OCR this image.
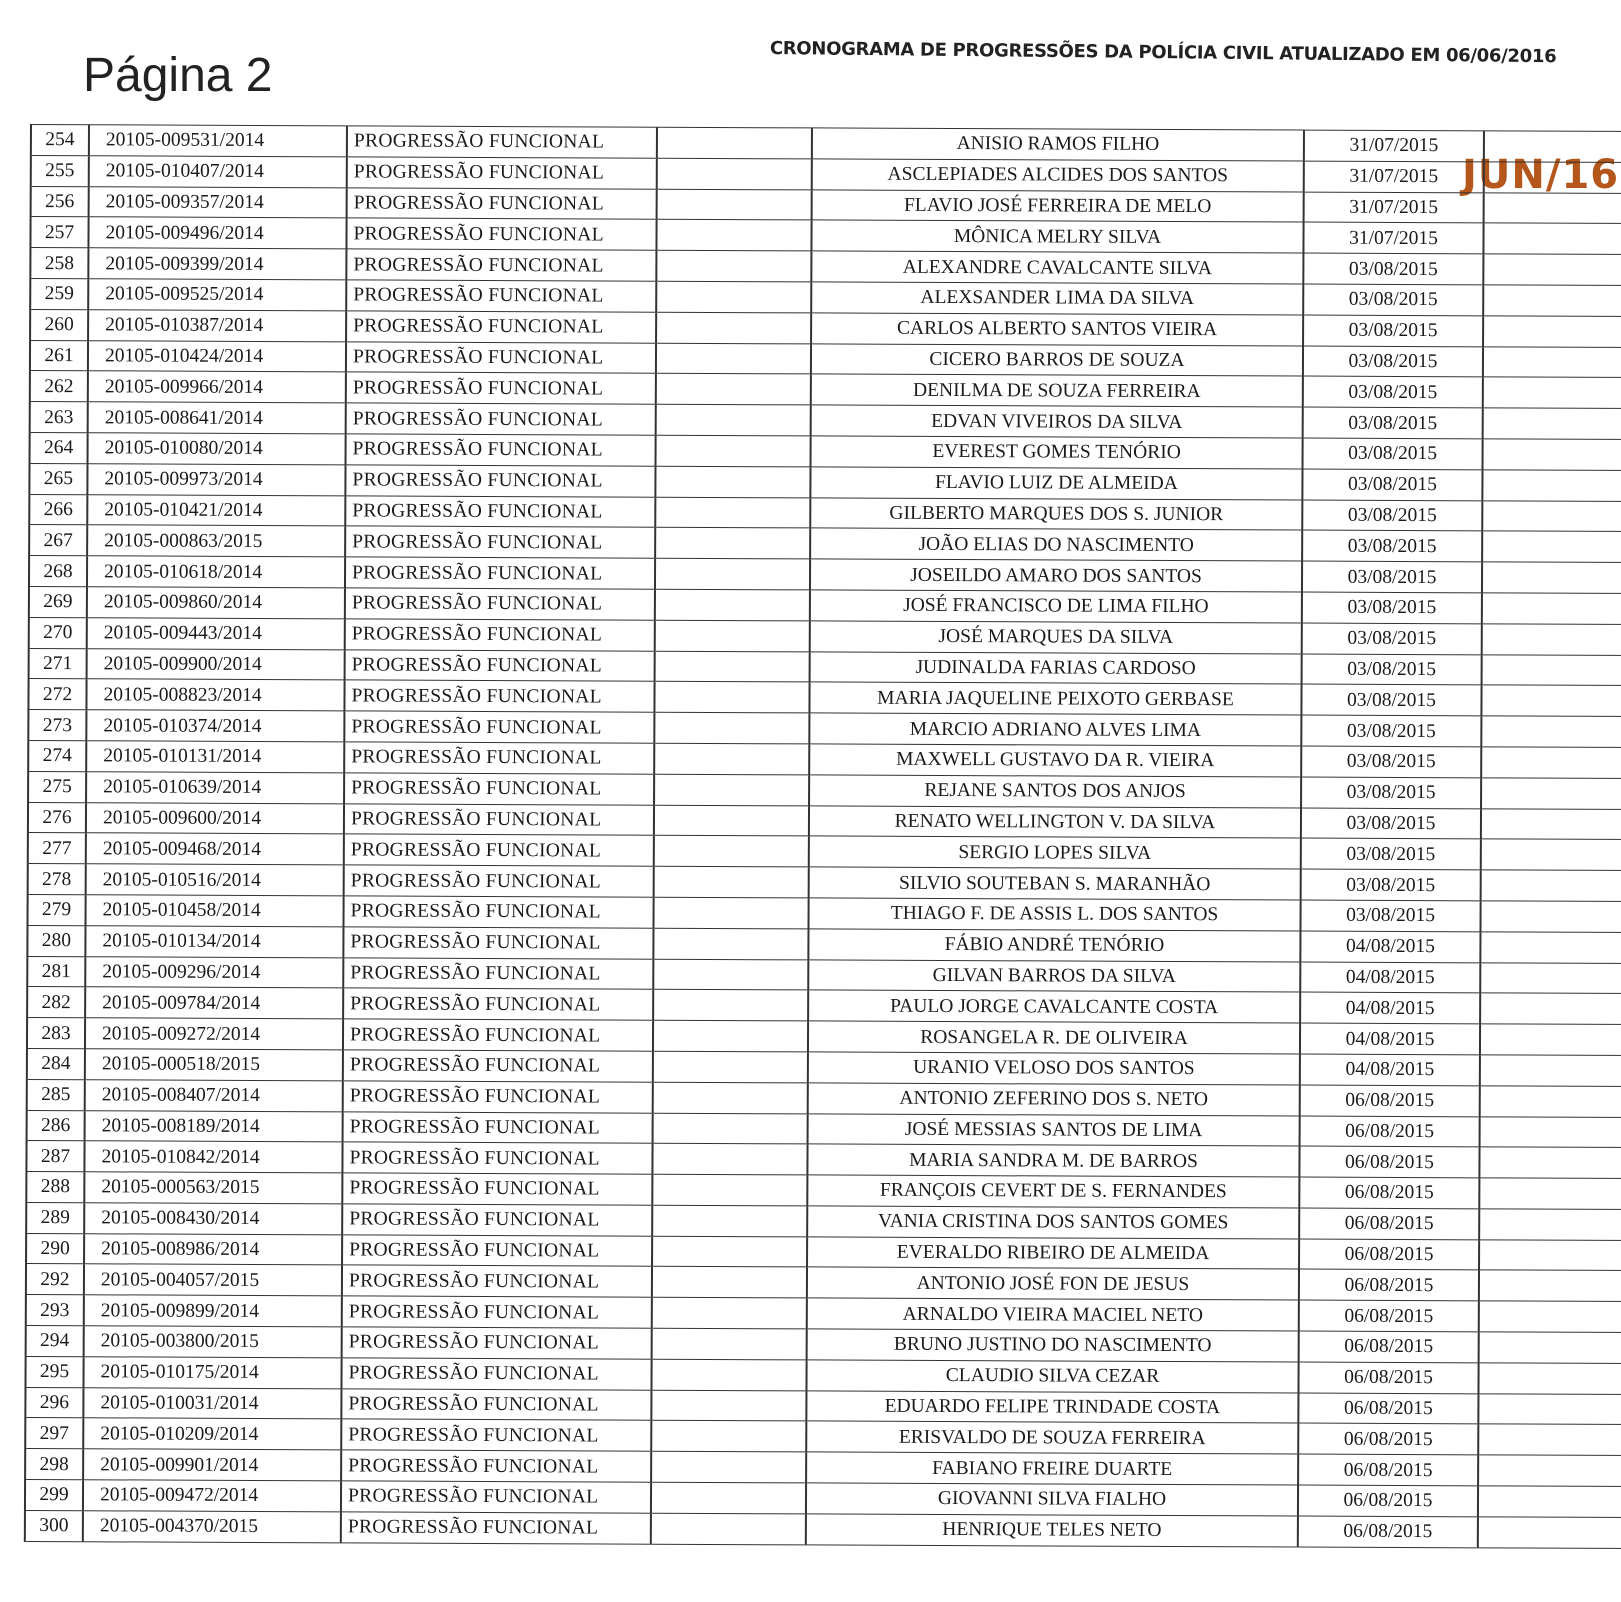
Página 2	CRONOGRAMA DE PROGRESSÕES DA POLÍCIA CIVIL ATUALIZADO EM 06/06/2016
JUN/16
254	20105-009531/2014	PROGRESSÃO FUNCIONAL		ANISIO RAMOS FILHO	31/07/2015	
255	20105-010407/2014	PROGRESSÃO FUNCIONAL		ASCLEPIADES ALCIDES DOS SANTOS	31/07/2015	
256	20105-009357/2014	PROGRESSÃO FUNCIONAL		FLAVIO JOSÉ FERREIRA DE MELO	31/07/2015	
257	20105-009496/2014	PROGRESSÃO FUNCIONAL		MÔNICA MELRY SILVA	31/07/2015	
258	20105-009399/2014	PROGRESSÃO FUNCIONAL		ALEXANDRE CAVALCANTE SILVA	03/08/2015	
259	20105-009525/2014	PROGRESSÃO FUNCIONAL		ALEXSANDER LIMA DA SILVA	03/08/2015	
260	20105-010387/2014	PROGRESSÃO FUNCIONAL		CARLOS ALBERTO SANTOS VIEIRA	03/08/2015	
261	20105-010424/2014	PROGRESSÃO FUNCIONAL		CICERO BARROS DE SOUZA	03/08/2015	
262	20105-009966/2014	PROGRESSÃO FUNCIONAL		DENILMA DE SOUZA FERREIRA	03/08/2015	
263	20105-008641/2014	PROGRESSÃO FUNCIONAL		EDVAN VIVEIROS DA SILVA	03/08/2015	
264	20105-010080/2014	PROGRESSÃO FUNCIONAL		EVEREST GOMES TENÓRIO	03/08/2015	
265	20105-009973/2014	PROGRESSÃO FUNCIONAL		FLAVIO LUIZ DE ALMEIDA	03/08/2015	
266	20105-010421/2014	PROGRESSÃO FUNCIONAL		GILBERTO MARQUES DOS S. JUNIOR	03/08/2015	
267	20105-000863/2015	PROGRESSÃO FUNCIONAL		JOÃO ELIAS DO NASCIMENTO	03/08/2015	
268	20105-010618/2014	PROGRESSÃO FUNCIONAL		JOSEILDO AMARO DOS SANTOS	03/08/2015	
269	20105-009860/2014	PROGRESSÃO FUNCIONAL		JOSÉ FRANCISCO DE LIMA FILHO	03/08/2015	
270	20105-009443/2014	PROGRESSÃO FUNCIONAL		JOSÉ MARQUES DA SILVA	03/08/2015	
271	20105-009900/2014	PROGRESSÃO FUNCIONAL		JUDINALDA FARIAS CARDOSO	03/08/2015	
272	20105-008823/2014	PROGRESSÃO FUNCIONAL		MARIA JAQUELINE PEIXOTO GERBASE	03/08/2015	
273	20105-010374/2014	PROGRESSÃO FUNCIONAL		MARCIO ADRIANO ALVES LIMA	03/08/2015	
274	20105-010131/2014	PROGRESSÃO FUNCIONAL		MAXWELL GUSTAVO DA R. VIEIRA	03/08/2015	
275	20105-010639/2014	PROGRESSÃO FUNCIONAL		REJANE SANTOS DOS ANJOS	03/08/2015	
276	20105-009600/2014	PROGRESSÃO FUNCIONAL		RENATO WELLINGTON V. DA SILVA	03/08/2015	
277	20105-009468/2014	PROGRESSÃO FUNCIONAL		SERGIO LOPES SILVA	03/08/2015	
278	20105-010516/2014	PROGRESSÃO FUNCIONAL		SILVIO SOUTEBAN S. MARANHÃO	03/08/2015	
279	20105-010458/2014	PROGRESSÃO FUNCIONAL		THIAGO F. DE ASSIS L. DOS SANTOS	03/08/2015	
280	20105-010134/2014	PROGRESSÃO FUNCIONAL		FÁBIO ANDRÉ TENÓRIO	04/08/2015	
281	20105-009296/2014	PROGRESSÃO FUNCIONAL		GILVAN BARROS DA SILVA	04/08/2015	
282	20105-009784/2014	PROGRESSÃO FUNCIONAL		PAULO JORGE CAVALCANTE COSTA	04/08/2015	
283	20105-009272/2014	PROGRESSÃO FUNCIONAL		ROSANGELA R. DE OLIVEIRA	04/08/2015	
284	20105-000518/2015	PROGRESSÃO FUNCIONAL		URANIO VELOSO DOS SANTOS	04/08/2015	
285	20105-008407/2014	PROGRESSÃO FUNCIONAL		ANTONIO ZEFERINO DOS S. NETO	06/08/2015	
286	20105-008189/2014	PROGRESSÃO FUNCIONAL		JOSÉ MESSIAS SANTOS DE LIMA	06/08/2015	
287	20105-010842/2014	PROGRESSÃO FUNCIONAL		MARIA SANDRA M. DE BARROS	06/08/2015	
288	20105-000563/2015	PROGRESSÃO FUNCIONAL		FRANÇOIS CEVERT DE S. FERNANDES	06/08/2015	
289	20105-008430/2014	PROGRESSÃO FUNCIONAL		VANIA CRISTINA DOS SANTOS GOMES	06/08/2015	
290	20105-008986/2014	PROGRESSÃO FUNCIONAL		EVERALDO RIBEIRO DE ALMEIDA	06/08/2015	
292	20105-004057/2015	PROGRESSÃO FUNCIONAL		ANTONIO JOSÉ FON DE JESUS	06/08/2015	
293	20105-009899/2014	PROGRESSÃO FUNCIONAL		ARNALDO VIEIRA MACIEL NETO	06/08/2015	
294	20105-003800/2015	PROGRESSÃO FUNCIONAL		BRUNO JUSTINO DO NASCIMENTO	06/08/2015	
295	20105-010175/2014	PROGRESSÃO FUNCIONAL		CLAUDIO SILVA CEZAR	06/08/2015	
296	20105-010031/2014	PROGRESSÃO FUNCIONAL		EDUARDO FELIPE TRINDADE COSTA	06/08/2015	
297	20105-010209/2014	PROGRESSÃO FUNCIONAL		ERISVALDO DE SOUZA FERREIRA	06/08/2015	
298	20105-009901/2014	PROGRESSÃO FUNCIONAL		FABIANO FREIRE DUARTE	06/08/2015	
299	20105-009472/2014	PROGRESSÃO FUNCIONAL		GIOVANNI SILVA FIALHO	06/08/2015	
300	20105-004370/2015	PROGRESSÃO FUNCIONAL		HENRIQUE TELES NETO	06/08/2015	
